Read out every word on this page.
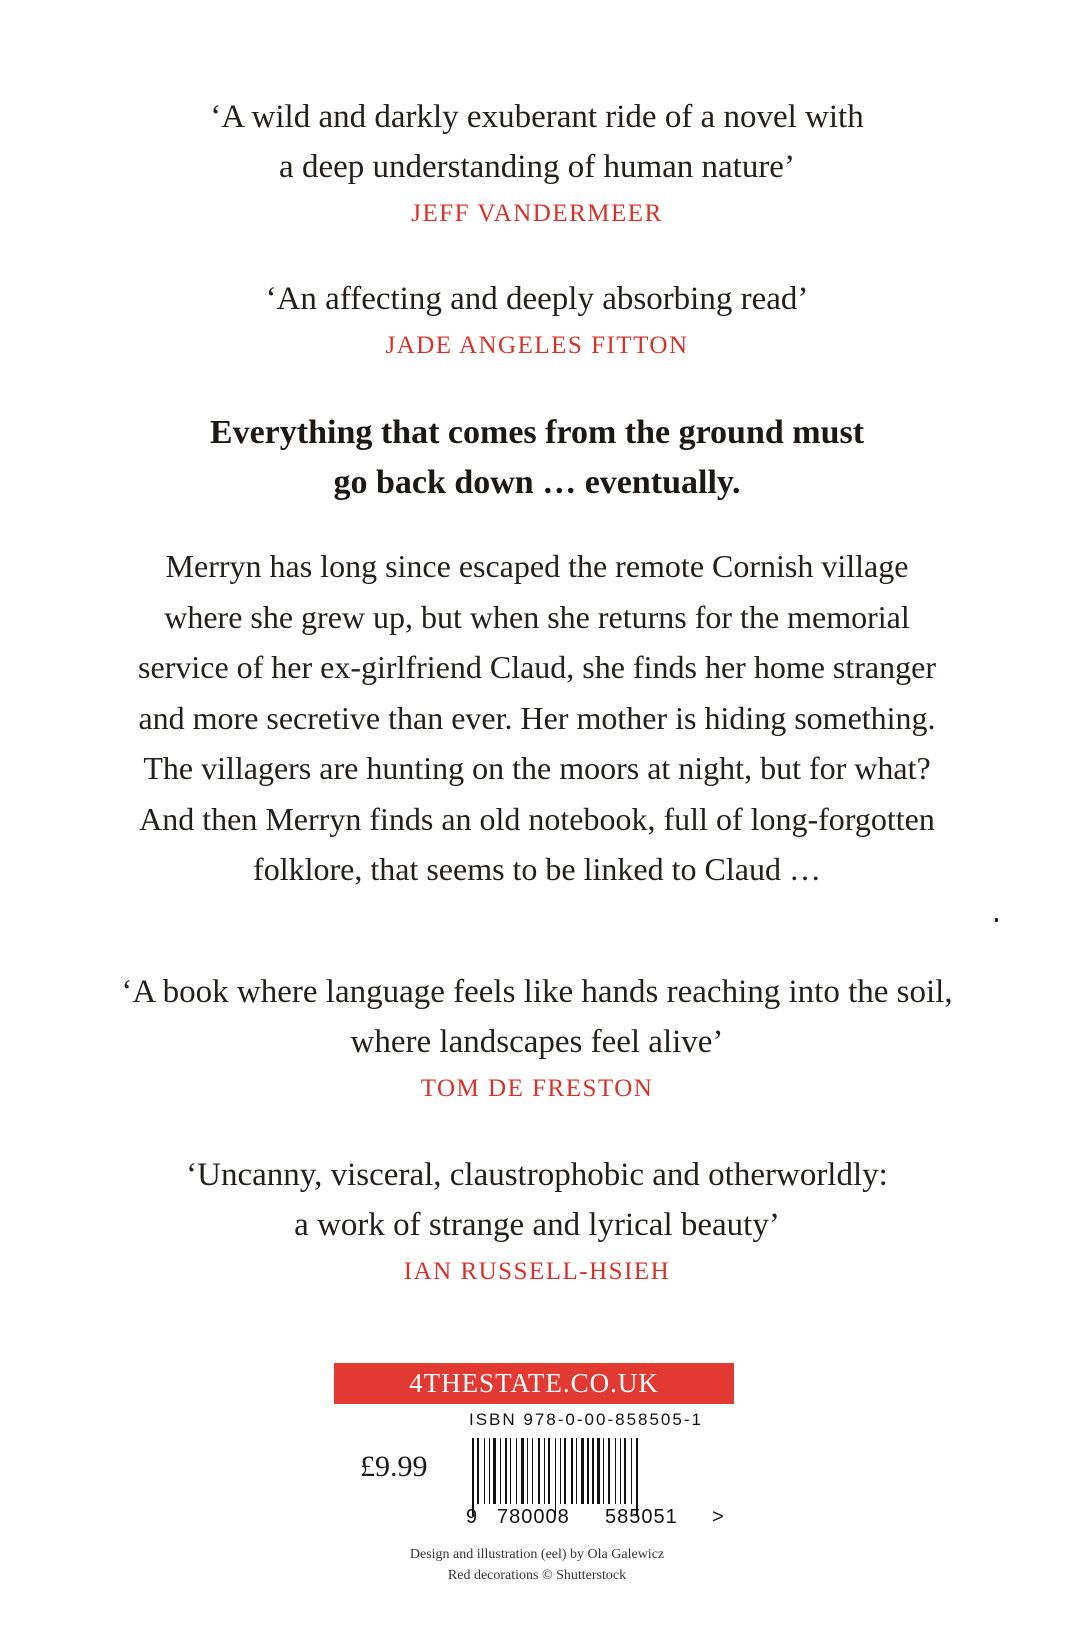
‘A wild and darkly exuberant ride of a novel with
a deep understanding of human nature’
JEFF VANDERMEER
‘An affecting and deeply absorbing read’
JADE ANGELES FITTON
Everything that comes from the ground must
go back down … eventually.
Merryn has long since escaped the remote Cornish village
where she grew up, but when she returns for the memorial
service of her ex-girlfriend Claud, she finds her home stranger
and more secretive than ever. Her mother is hiding something.
The villagers are hunting on the moors at night, but for what?
And then Merryn finds an old notebook, full of long-forgotten
folklore, that seems to be linked to Claud …
‘A book where language feels like hands reaching into the soil,
where landscapes feel alive’
TOM DE FRESTON
‘Uncanny, visceral, claustrophobic and otherworldly:
a work of strange and lyrical beauty’
IAN RUSSELL-HSIEH
4THESTATE.CO.UK
ISBN 978-0-00-858505-1
£9.99
9 780008 585051 >
Design and illustration (eel) by Ola Galewicz
Red decorations © Shutterstock
